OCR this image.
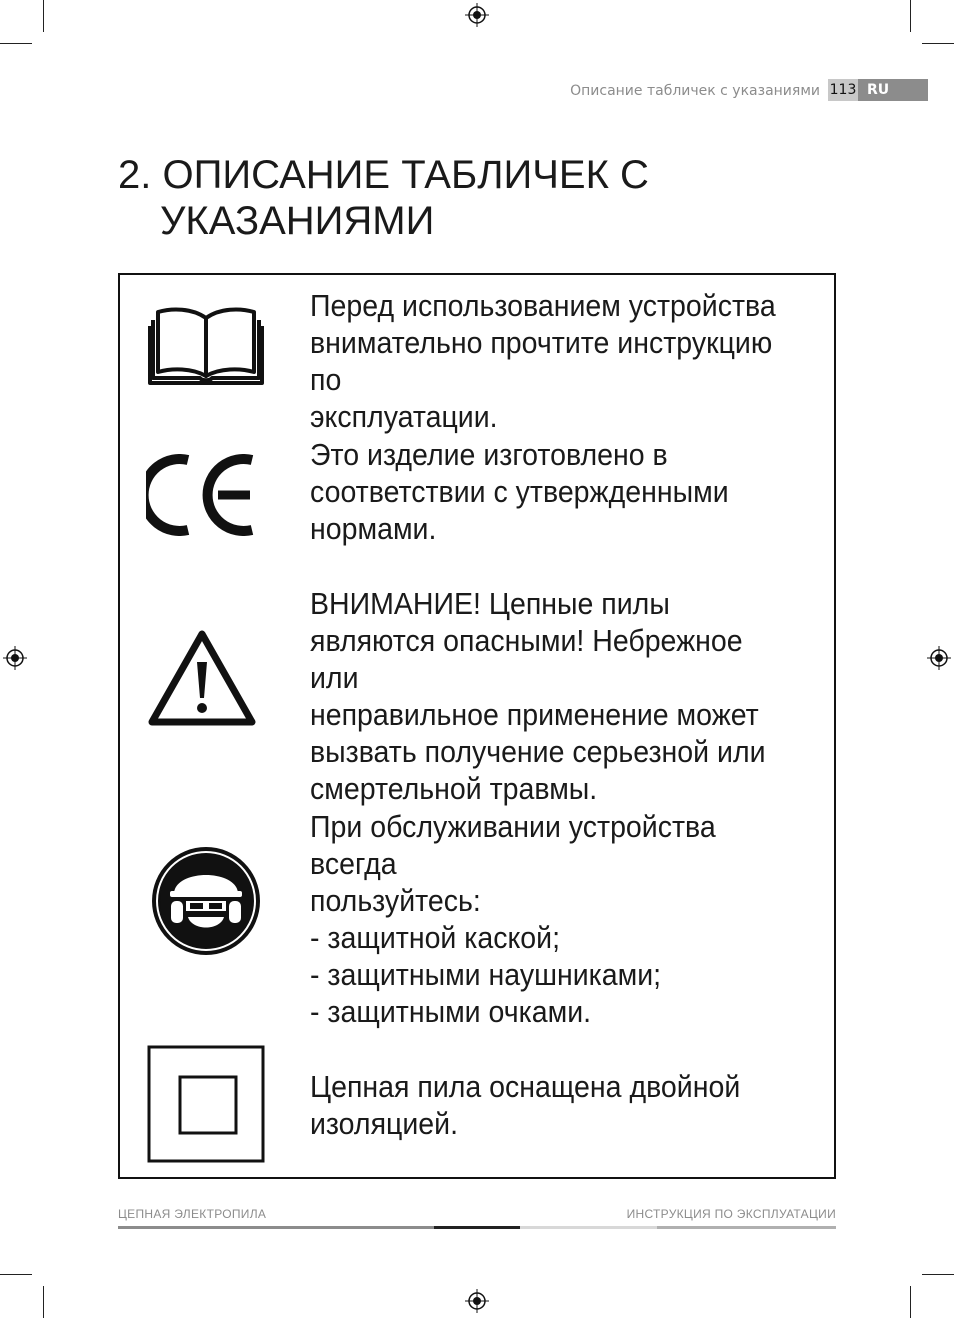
Описание табличек с указаниями 113 RU
2. ОПИСАНИЕ ТАБЛИЧЕК С
УКАЗАНИЯМИ
Перед использованием устройства
внимательно прочтите инструкцию по
эксплуатации.
Это изделие изготовлено в
соответствии с утвержденными
нормами.
ВНИМАНИЕ! Цепные пилы
являются опасными! Небрежное или
неправильное применение может
вызвать получение серьезной или
смертельной травмы.
При обслуживании устройства всегда
пользуйтесь:
- защитной каской;
- защитными наушниками;
- защитными очками.
Цепная пила оснащена двойной
изоляцией.
ЦЕПНАЯ ЭЛЕКТРОПИЛА	ИНСТРУКЦИЯ ПО ЭКСПЛУАТАЦИИ
